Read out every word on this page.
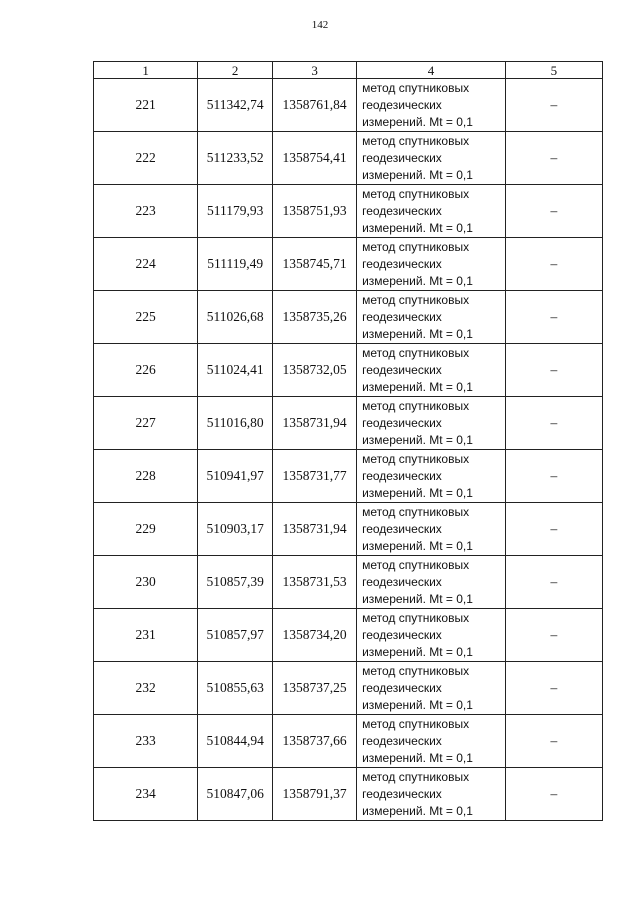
142
1	2	3	4	5
221	511342,74	1358761,84	метод спутниковых
геодезических
измерений. Mt = 0,1	–
222	511233,52	1358754,41	метод спутниковых
геодезических
измерений. Mt = 0,1	–
223	511179,93	1358751,93	метод спутниковых
геодезических
измерений. Mt = 0,1	–
224	511119,49	1358745,71	метод спутниковых
геодезических
измерений. Mt = 0,1	–
225	511026,68	1358735,26	метод спутниковых
геодезических
измерений. Mt = 0,1	–
226	511024,41	1358732,05	метод спутниковых
геодезических
измерений. Mt = 0,1	–
227	511016,80	1358731,94	метод спутниковых
геодезических
измерений. Mt = 0,1	–
228	510941,97	1358731,77	метод спутниковых
геодезических
измерений. Mt = 0,1	–
229	510903,17	1358731,94	метод спутниковых
геодезических
измерений. Mt = 0,1	–
230	510857,39	1358731,53	метод спутниковых
геодезических
измерений. Mt = 0,1	–
231	510857,97	1358734,20	метод спутниковых
геодезических
измерений. Mt = 0,1	–
232	510855,63	1358737,25	метод спутниковых
геодезических
измерений. Mt = 0,1	–
233	510844,94	1358737,66	метод спутниковых
геодезических
измерений. Mt = 0,1	–
234	510847,06	1358791,37	метод спутниковых
геодезических
измерений. Mt = 0,1	–
